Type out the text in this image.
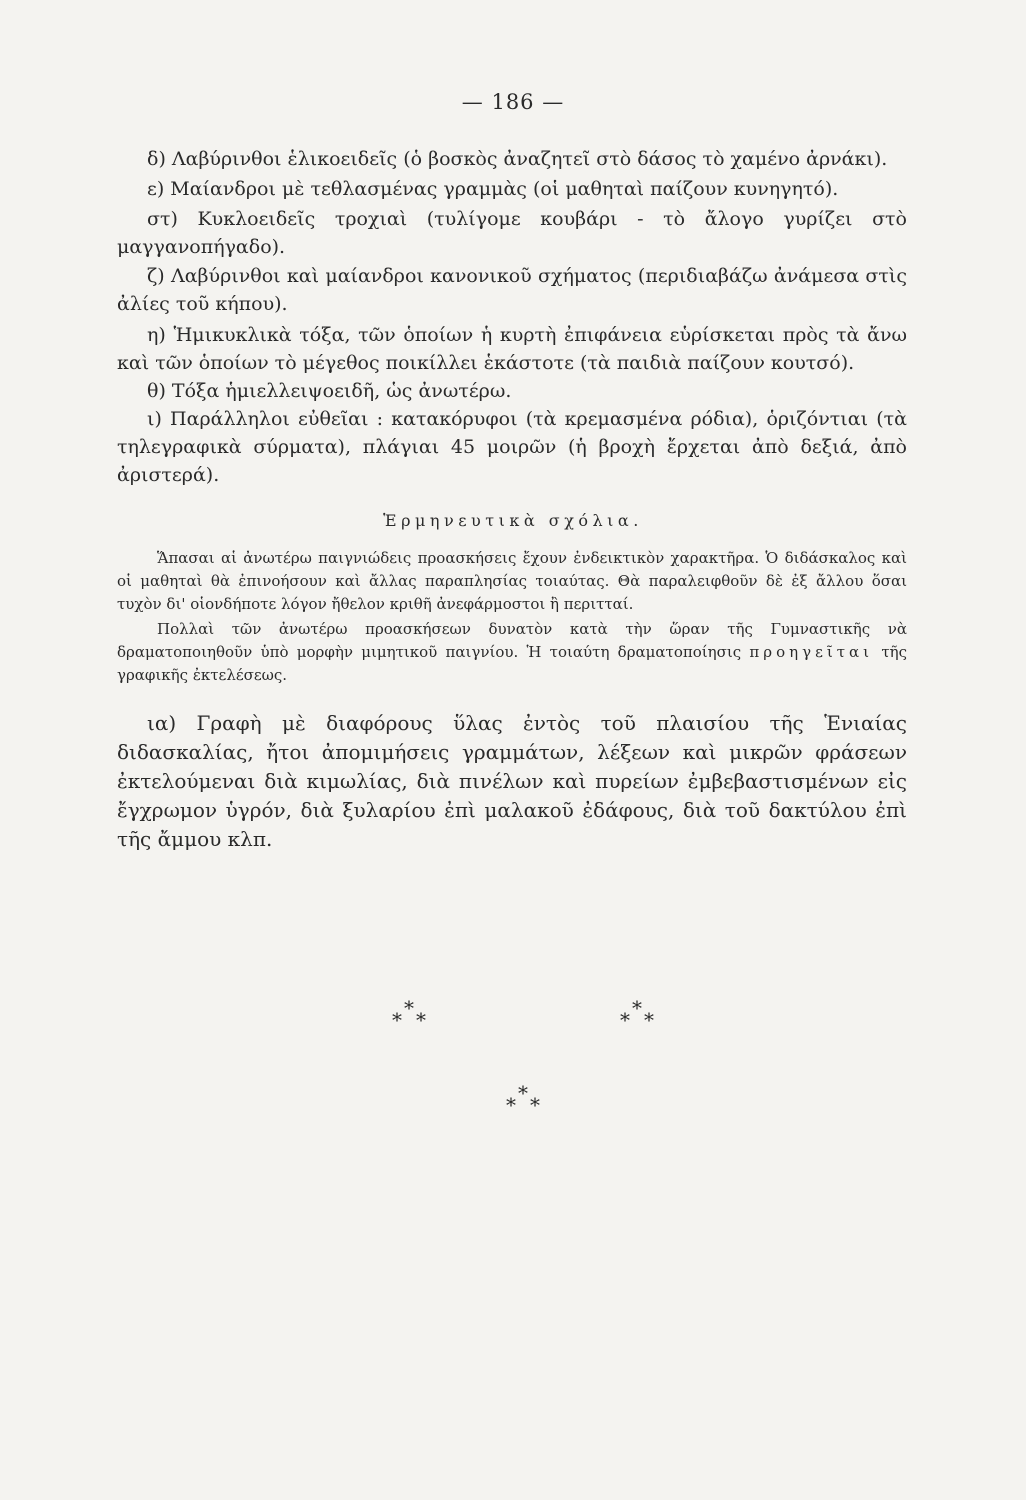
— 186 —

δ) Λαβύρινθοι ἑλικοειδεῖς (ὁ βοσκὸς ἀναζητεῖ στὸ δάσος τὸ χαμένο ἀρνάκι).

ε) Μαίανδροι μὲ τεθλασμένας γραμμὰς (οἱ μαθηταὶ παίζουν κυνηγητό).

στ) Κυκλοειδεῖς τροχιαὶ (τυλίγομε κουβάρι - τὸ ἄλογο γυρίζει στὸ μαγγανοπήγαδο).

ζ) Λαβύρινθοι καὶ μαίανδροι κανονικοῦ σχήματος (περιδιαβάζω ἀνάμεσα στὶς ἀλίες τοῦ κήπου).

η) Ἡμικυκλικὰ τόξα, τῶν ὁποίων ἡ κυρτὴ ἐπιφάνεια εὑρίσκεται πρὸς τὰ ἄνω καὶ τῶν ὁποίων τὸ μέγεθος ποικίλλει ἑκάστοτε (τὰ παιδιὰ παίζουν κουτσό).

θ) Τόξα ἡμιελλειψοειδῆ, ὡς ἀνωτέρω.

ι) Παράλληλοι εὐθεῖαι : κατακόρυφοι (τὰ κρεμασμένα ρόδια), ὁριζόντιαι (τὰ τηλεγραφικὰ σύρματα), πλάγιαι 45 μοιρῶν (ἡ βροχὴ ἔρχεται ἀπὸ δεξιά, ἀπὸ ἀριστερά).

Ἑρμηνευτικὰ σχόλια.

Ἅπασαι αἱ ἀνωτέρω παιγνιώδεις προασκήσεις ἔχουν ἐνδεικτικὸν χαρακτῆρα. Ὁ διδάσκαλος καὶ οἱ μαθηταὶ θὰ ἐπινοήσουν καὶ ἄλλας παραπλησίας τοιαύτας. Θὰ παραλειφθοῦν δὲ ἐξ ἄλλου ὅσαι τυχὸν δι' οἱονδήποτε λόγον ἤθελον κριθῆ ἀνεφάρμοστοι ἢ περιτταί.

Πολλαὶ τῶν ἀνωτέρω προασκήσεων δυνατὸν κατὰ τὴν ὥραν τῆς Γυμναστικῆς νὰ δραματοποιηθοῦν ὑπὸ μορφὴν μιμητικοῦ παιγνίου. Ἡ τοιαύτη δραματοποίησις προηγεῖται τῆς γραφικῆς ἐκτελέσεως.

ια) Γραφὴ μὲ διαφόρους ὕλας ἐντὸς τοῦ πλαισίου τῆς Ἑνιαίας διδασκαλίας, ἤτοι ἀπομιμήσεις γραμμάτων, λέξεων καὶ μικρῶν φράσεων ἐκτελούμεναι διὰ κιμωλίας, διὰ πινέλων καὶ πυρείων ἐμβεβαστισμένων εἰς ἔγχρωμον ὑγρόν, διὰ ξυλαρίου ἐπὶ μαλακοῦ ἐδάφους, διὰ τοῦ δακτύλου ἐπὶ τῆς ἄμμου κλπ.

*
* *	*
* *
*
* *
